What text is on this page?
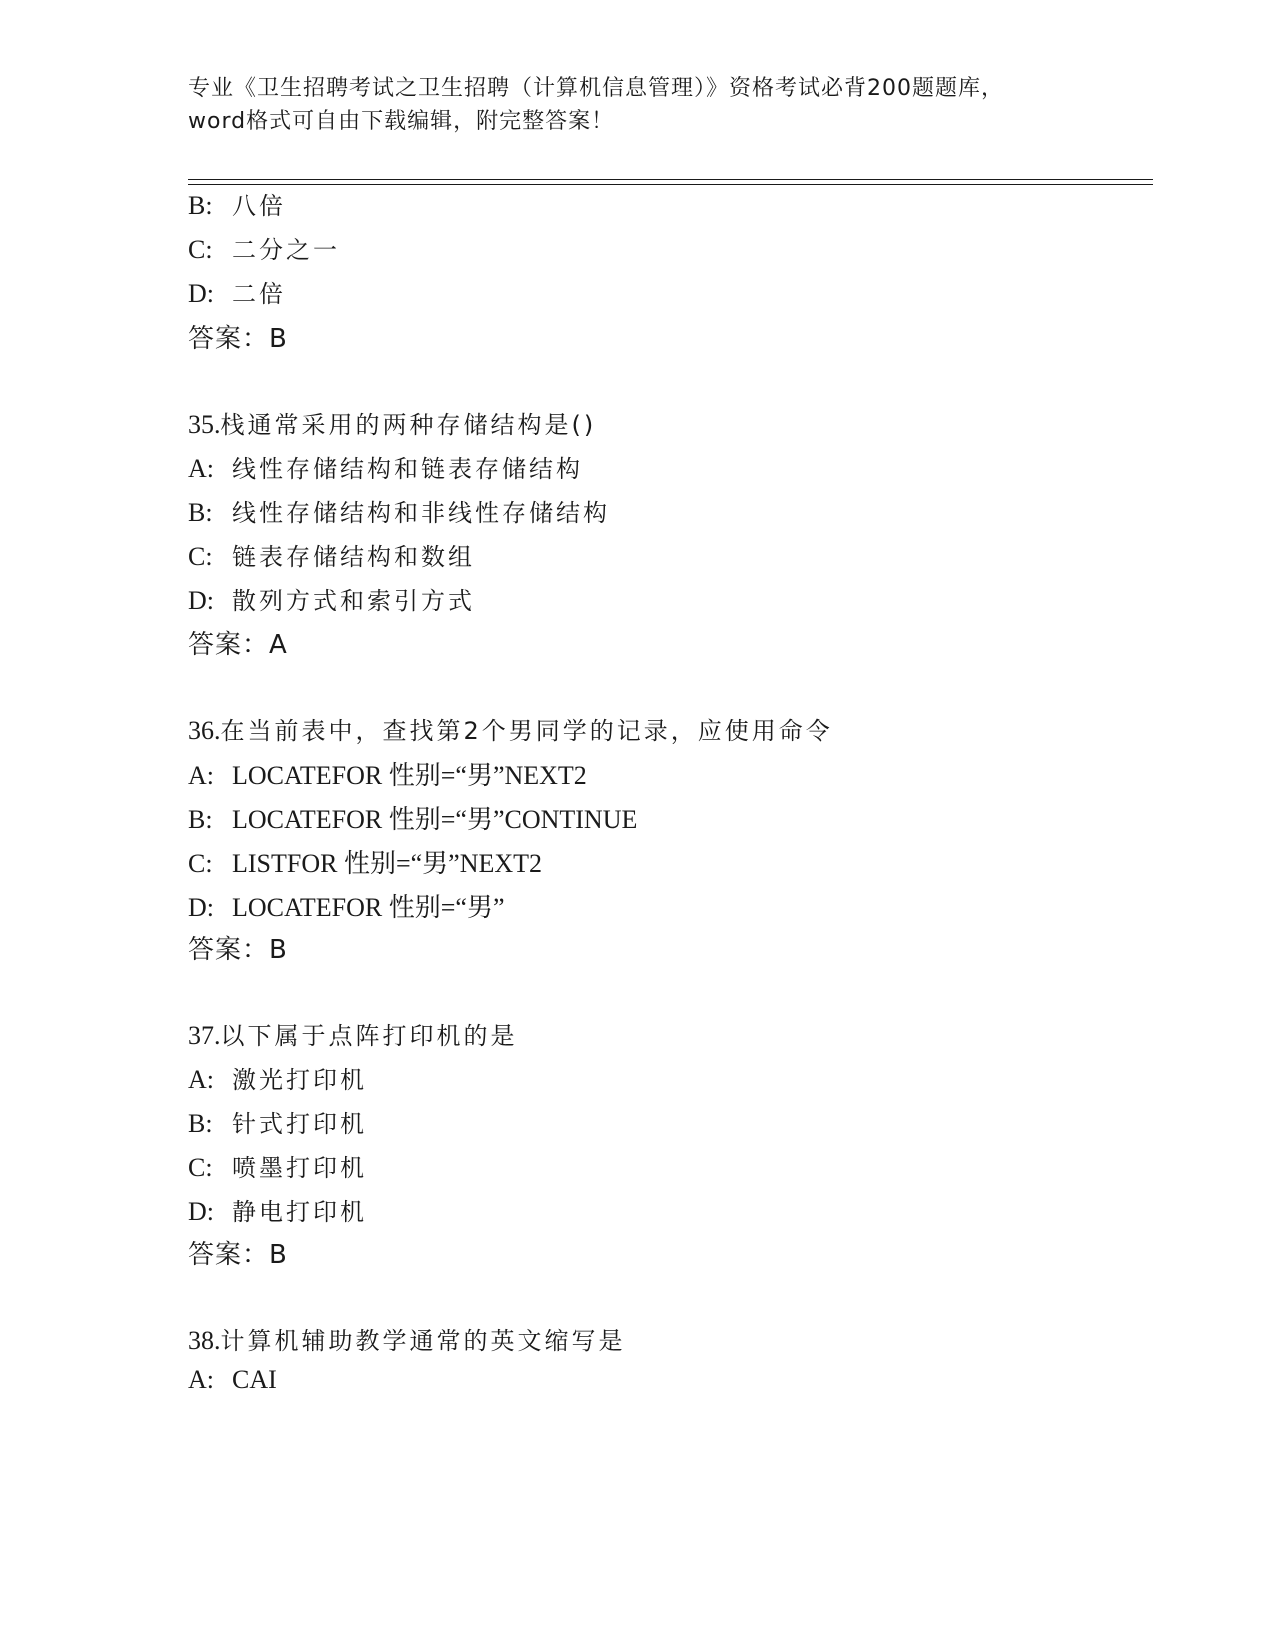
专业《卫生招聘考试之卫生招聘（计算机信息管理）》资格考试必背200题题库，
word格式可自由下载编辑，附完整答案！
B: 八倍
C: 二分之一
D: 二倍
答案：B
35.栈通常采用的两种存储结构是()
A: 线性存储结构和链表存储结构
B: 线性存储结构和非线性存储结构
C: 链表存储结构和数组
D: 散列方式和索引方式
答案：A
36.在当前表中，查找第2个男同学的记录，应使用命令
A: LOCATEFOR 性别=“男”NEXT2
B: LOCATEFOR 性别=“男”CONTINUE
C: LISTFOR 性别=“男”NEXT2
D: LOCATEFOR 性别=“男”
答案：B
37.以下属于点阵打印机的是
A: 激光打印机
B: 针式打印机
C: 喷墨打印机
D: 静电打印机
答案：B
38.计算机辅助教学通常的英文缩写是
A: CAI
